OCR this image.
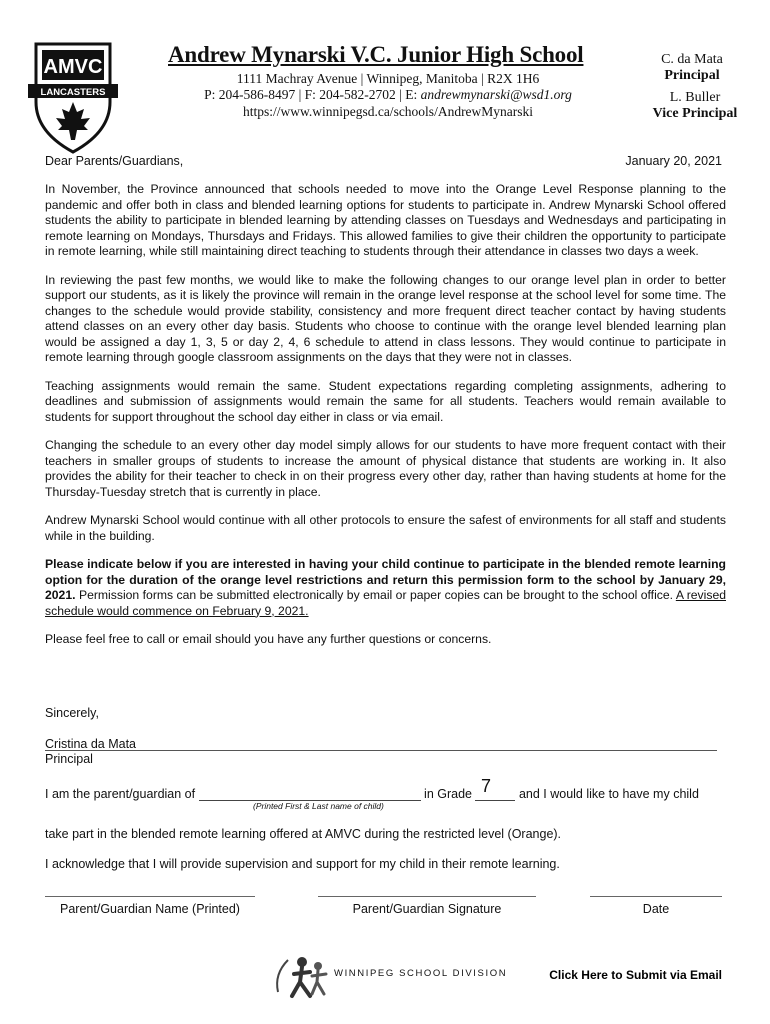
AMVC
LANCASTERS
Andrew Mynarski V.C. Junior High School
1111 Machray Avenue | Winnipeg, Manitoba | R2X 1H6
P: 204-586-8497 | F: 204-582-2702 | E: andrewmynarski@wsd1.org
https://www.winnipegsd.ca/schools/AndrewMynarski
C. da Mata
Principal
L. Buller
Vice Principal
Dear Parents/Guardians,	January 20, 2021

In November, the Province announced that schools needed to move into the Orange Level Response planning to the pandemic and offer both in class and blended learning options for students to participate in. Andrew Mynarski School offered students the ability to participate in blended learning by attending classes on Tuesdays and Wednesdays and participating in remote learning on Mondays, Thursdays and Fridays. This allowed families to give their children the opportunity to participate in remote learning, while still maintaining direct teaching to students through their attendance in classes two days a week.

In reviewing the past few months, we would like to make the following changes to our orange level plan in order to better support our students, as it is likely the province will remain in the orange level response at the school level for some time. The changes to the schedule would provide stability, consistency and more frequent direct teacher contact by having students attend classes on an every other day basis. Students who choose to continue with the orange level blended learning plan would be assigned a day 1, 3, 5 or day 2, 4, 6 schedule to attend in class lessons. They would continue to participate in remote learning through google classroom assignments on the days that they were not in classes.

Teaching assignments would remain the same. Student expectations regarding completing assignments, adhering to deadlines and submission of assignments would remain the same for all students. Teachers would remain available to students for support throughout the school day either in class or via email.

Changing the schedule to an every other day model simply allows for our students to have more frequent contact with their teachers in smaller groups of students to increase the amount of physical distance that students are working in. It also provides the ability for their teacher to check in on their progress every other day, rather than having students at home for the Thursday-Tuesday stretch that is currently in place.

Andrew Mynarski School would continue with all other protocols to ensure the safest of environments for all staff and students while in the building.

Please indicate below if you are interested in having your child continue to participate in the blended remote learning option for the duration of the orange level restrictions and return this permission form to the school by January 29, 2021. Permission forms can be submitted electronically by email or paper copies can be brought to the school office. A revised schedule would commence on February 9, 2021.

Please feel free to call or email should you have any further questions or concerns.

Sincerely,
Cristina da Mata
Principal
I am the parent/guardian of	in Grade	and I would like to have my child
7
(Printed First & Last name of child)
take part in the blended remote learning offered at AMVC during the restricted level (Orange).
I acknowledge that I will provide supervision and support for my child in their remote learning.
Parent/Guardian Name (Printed)	Parent/Guardian Signature	Date
WINNIPEG SCHOOL DIVISION	Click Here to Submit via Email
